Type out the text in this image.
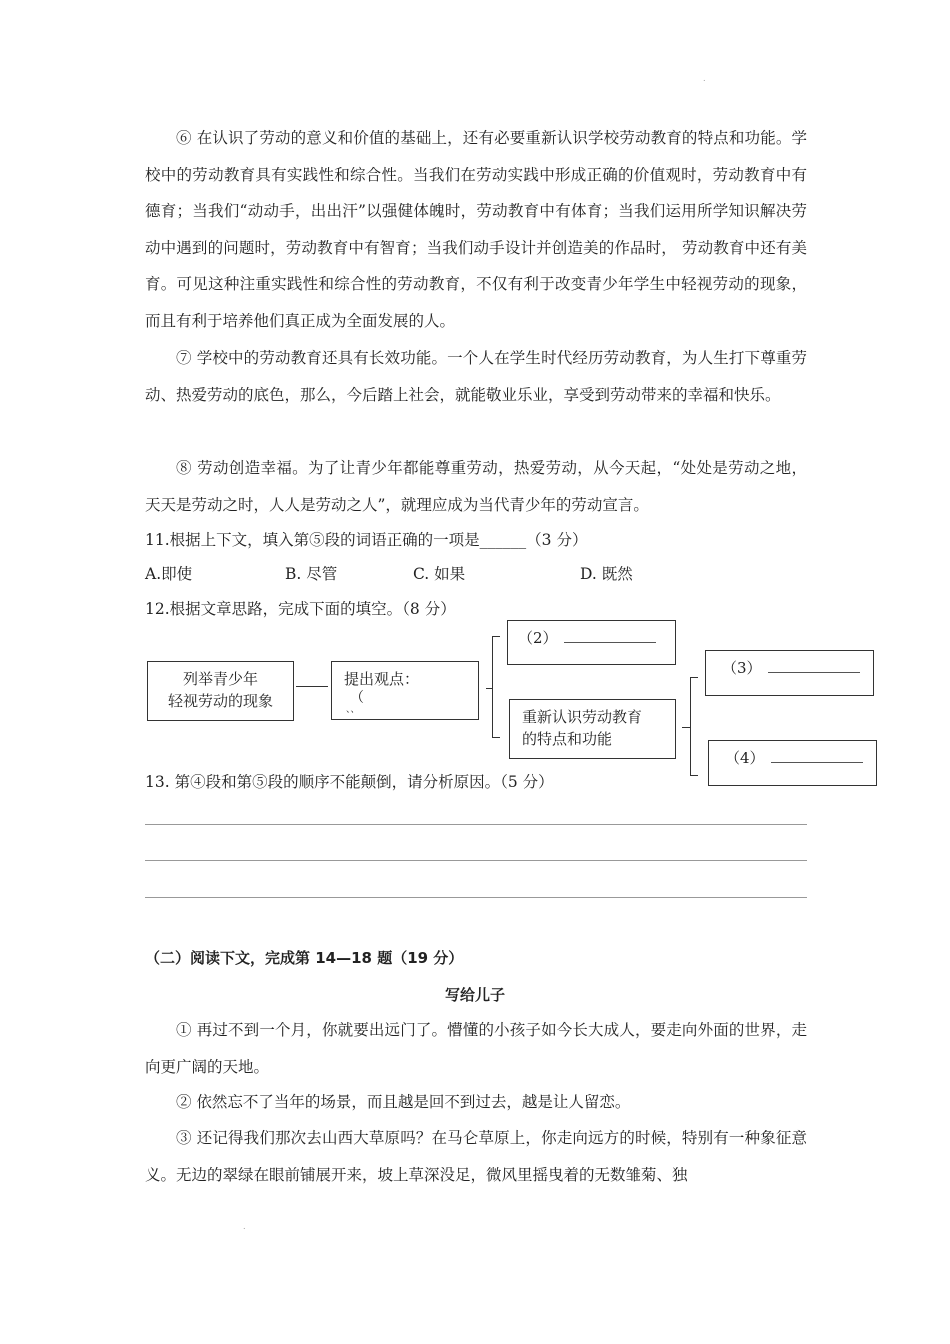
.

⑥ 在认识了劳动的意义和价值的基础上，还有必要重新认识学校劳动教育的特点和功能。学校中的劳动教育具有实践性和综合性。当我们在劳动实践中形成正确的价值观时，劳动教育中有德育；当我们“动动手，出出汗”以强健体魄时，劳动教育中有体育；当我们运用所学知识解决劳动中遇到的问题时，劳动教育中有智育；当我们动手设计并创造美的作品时， 劳动教育中还有美育。可见这种注重实践性和综合性的劳动教育，不仅有利于改变青少年学生中轻视劳动的现象，而且有利于培养他们真正成为全面发展的人。

⑦ 学校中的劳动教育还具有长效功能。一个人在学生时代经历劳动教育，为人生打下尊重劳动、热爱劳动的底色，那么，今后踏上社会，就能敬业乐业，享受到劳动带来的幸福和快乐。

⑧ 劳动创造幸福。为了让青少年都能尊重劳动，热爱劳动，从今天起，“处处是劳动之地，天天是劳动之时，人人是劳动之人”，就理应成为当代青少年的劳动宣言。

11.根据上下文，填入第⑤段的词语正确的一项是______（3 分）
A.即使	B. 尽管	C. 如果	D. 既然
12.根据文章思路，完成下面的填空。（8 分）
列举青少年
轻视劳动的现象
提出观点：
（
、、
（2）
重新认识劳动教育
的特点和功能
（3）
（4）
13. 第④段和第⑤段的顺序不能颠倒，请分析原因。（5 分）
（二）阅读下文，完成第 14—18 题（19 分）
写给儿子

① 再过不到一个月，你就要出远门了。懵懂的小孩子如今长大成人，要走向外面的世界，走向更广阔的天地。

② 依然忘不了当年的场景，而且越是回不到过去，越是让人留恋。

③ 还记得我们那次去山西大草原吗？在马仑草原上，你走向远方的时候，特别有一种象征意义。无边的翠绿在眼前铺展开来，坡上草深没足，微风里摇曳着的无数雏菊、独

.
